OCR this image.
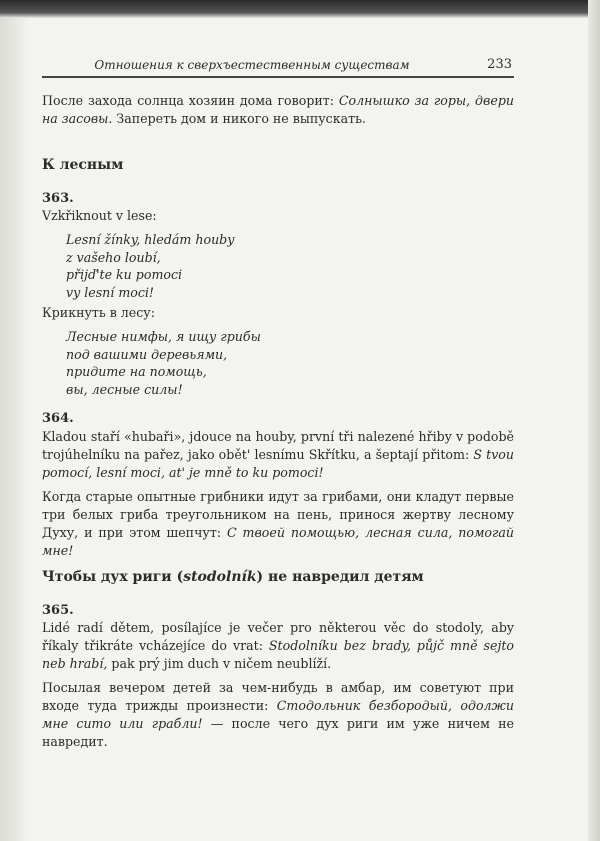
Отношения к сверхъестественным существам	233
После захода солнца хозяин дома говорит: Солнышко за горы, двери на засовы. Запереть дом и никого не выпускать.
К лесным
363.
Vzkřiknout v lese:
Lesní žínky, hledám houby
z vašeho loubí,
přijď'te ku pomoci
vy lesní moci!
Крикнуть в лесу:
Лесные нимфы, я ищу грибы
под вашими деревьями,
придите на помощь,
вы, лесные силы!
364.
Kladou staří «hubaři», jdouce na houby, první tři nalezené hřiby v podobě trojúhelníku na pařez, jako obět' lesnímu Skřítku, a šeptají přitom: S tvou pomocí, lesní moci, at' je mně to ku pomoci!
Когда старые опытные грибники идут за грибами, они кладут первые три белых гриба треугольником на пень, принося жертву лесному Духу, и при этом шепчут: С твоей помощью, лесная сила, помогай мне!
Чтобы дух риги (stodolník) не навредил детям
365.
Lidé radí dětem, posílajíce je večer pro některou věc do stodoly, aby říkaly třikráte vcházejíce do vrat: Stodolníku bez brady, půjč mně sejto neb hrabí, pak prý jim duch v ničem neublíží.
Посылая вечером детей за чем-нибудь в амбар, им советуют при входе туда трижды произнести: Стодольник безбородый, одолжи мне сито или грабли! — после чего дух риги им уже ничем не навредит.
